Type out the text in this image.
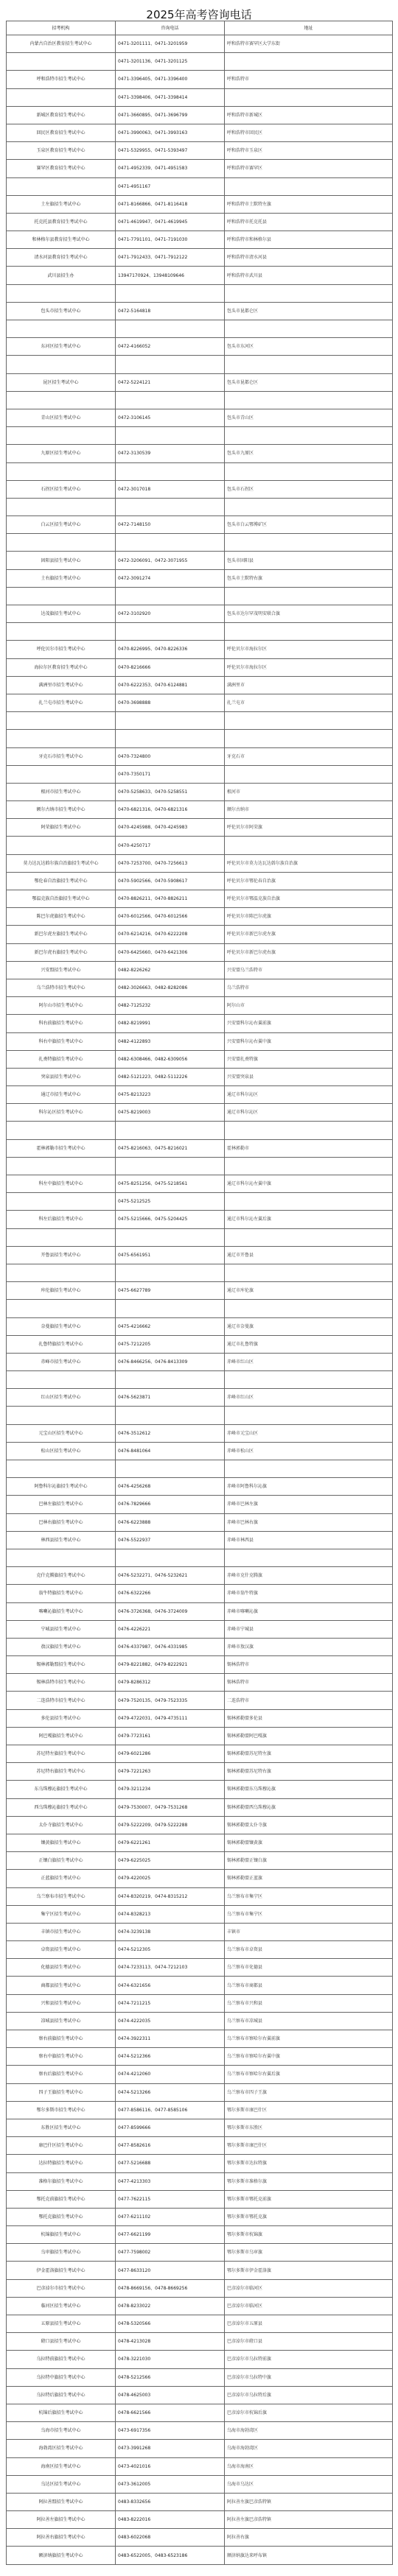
2025年高考咨询电话
招考机构	咨询电话	地址
内蒙古自治区教育招生考试中心	0471-3201111、0471-3201959	呼和浩特市赛罕区大学东街
	0471-3201136、0471-3201125	
呼和浩特市招生考试中心	0471-3396405、0471-3396400	呼和浩特市
	0471-3398406、0471-3398414	
新城区教育招生考试中心	0471-3660895、0471-3696799	呼和浩特市新城区
回民区教育招生考试中心	0471-3990063、0471-3993163	呼和浩特市回民区
玉泉区教育招生考试中心	0471-5329955、0471-5393497	呼和浩特市玉泉区
赛罕区教育招生考试中心	0471-4952339、0471-4951583	呼和浩特市赛罕区
	0471-4951167	
土左旗招生考试中心	0471-8166866、0471-8116418	呼和浩特市土默特左旗
托克托县教育招生考试中心	0471-4619947、0471-4619945	呼和浩特市托克托县
和林格尔县教育招生考试中心	0471-7791101、0471-7191030	呼和浩特市和林格尔县
清水河县教育招生考试中心	0471-7912433、0471-7912122	呼和浩特市清水河县
武川县招生办	13947170924、13948109646	呼和浩特市武川县

包头市招生考试中心	0472-5164818	包头市昆都仑区

东河区招生考试中心	0472-4166052	包头市东河区

昆区招生考试中心	0472-5224121	包头市昆都仑区

青山区招生考试中心	0472-3106145	包头市青山区

九原区招生考试中心	0472-3130539	包头市九原区

石拐区招生考试中心	0472-3017018	包头市石拐区

白云区招生考试中心	0472-7148150	包头市白云鄂博矿区

固阳县招生考试中心	0472-3206091、0472-3071955	包头市固阳县
土右旗招生考试中心	0472-3091274	包头市土默特右旗

达茂旗招生考试中心	0472-3102920	包头市达尔罕茂明安联合旗

呼伦贝尔市招生考试中心	0470-8226995、0470-8226336	呼伦贝尔市海拉尔区
海拉尔区教育招生考试中心	0470-8216666	呼伦贝尔市海拉尔区
满洲里市招生考试中心	0470-6222353、0470-6124881	满洲里市
扎兰屯市招生考试中心	0470-3698888	扎兰屯市

牙克石市招生考试中心	0470-7324800	牙克石市
	0470-7350171	
根河市招生考试中心	0470-5258633、0470-5258551	根河市
额尔古纳市招生考试中心	0470-6821316、0470-6821316	额尔古纳市
阿荣旗招生考试中心	0470-4245988、0470-4245983	呼伦贝尔市阿荣旗
	0470-4250717	
莫力达瓦达斡尔族自治旗招生考试中心	0470-7253700、0470-7256613	呼伦贝尔市莫力达瓦达斡尔族自治旗
鄂伦春自治旗招生考试中心	0470-5902566、0470-5908617	呼伦贝尔市鄂伦春自治旗
鄂温克族自治旗招生考试中心	0470-8826211、0470-8826211	呼伦贝尔市鄂温克族自治旗
陈巴尔虎旗招生考试中心	0470-6012566、0470-6012566	呼伦贝尔市陈巴尔虎旗
新巴尔虎左旗招生考试中心	0470-6214216、0470-6222208	呼伦贝尔市新巴尔虎左旗
新巴尔虎右旗招生考试中心	0470-6425660、0470-6421306	呼伦贝尔市新巴尔虎右旗
兴安盟招生考试中心	0482-8226262	兴安盟乌兰浩特市
乌兰浩特市招生考试中心	0482-3026663、0482-8282086	乌兰浩特市
阿尔山市招生考试中心	0482-7125232	阿尔山市
科右前旗招生考试中心	0482-8219991	兴安盟科尔沁右翼前旗
科右中旗招生考试中心	0482-4122893	兴安盟科尔沁右翼中旗
扎赉特旗招生考试中心	0482-6308466、0482-6309056	兴安盟扎赉特旗
突泉县招生考试中心	0482-5121223、0482-5112226	兴安盟突泉县
通辽市招生考试中心	0475-8213223	通辽市科尔沁区
科尔沁区招生考试中心	0475-8219003	通辽市科尔沁区

霍林郭勒市招生考试中心	0475-8216063、0475-8216021	霍林郭勒市

科左中旗招生考试中心	0475-8251256、0475-5218561	通辽市科尔沁左翼中旗
	0475-5212525	
科左后旗招生考试中心	0475-5215666、0475-5204425	通辽市科尔沁左翼后旗

开鲁县招生考试中心	0475-6561951	通辽市开鲁县

库伦旗招生考试中心	0475-6627789	通辽市库伦旗

奈曼旗招生考试中心	0475-4216662	通辽市奈曼旗
扎鲁特旗招生考试中心	0475-7212205	通辽市扎鲁特旗
赤峰市招生考试中心	0476-8466256、0476-8413309	赤峰市红山区

红山区招生考试中心	0476-5623871	赤峰市红山区

元宝山区招生考试中心	0476-3512612	赤峰市元宝山区
松山区招生考试中心	0476-8481064	赤峰市松山区

阿鲁科尔沁旗招生考试中心	0476-4256268	赤峰市阿鲁科尔沁旗
巴林左旗招生考试中心	0476-7829666	赤峰市巴林左旗
巴林右旗招生考试中心	0476-6223888	赤峰市巴林右旗
林西县招生考试中心	0476-5522937	赤峰市林西县

克什克腾旗招生考试中心	0476-5232271、0476-5232621	赤峰市克什克腾旗
翁牛特旗招生考试中心	0476-6322266	赤峰市翁牛特旗
喀喇沁旗招生考试中心	0476-3726368、0476-3724009	赤峰市喀喇沁旗
宁城县招生考试中心	0476-4226221	赤峰市宁城县
敖汉旗招生考试中心	0476-4337987、0476-4331985	赤峰市敖汉旗
锡林郭勒盟招生考试中心	0479-8221882、0479-8222921	锡林浩特市
锡林浩特市招生考试中心	0479-8286312	锡林浩特市
二连浩特市招生考试中心	0479-7520135、0479-7523335	二连浩特市
多伦县招生考试中心	0479-4722031、0479-4735111	锡林郭勒盟多伦县
阿巴嘎旗招生考试中心	0479-7723161	锡林郭勒盟阿巴嘎旗
苏尼特左旗招生考试中心	0479-6021286	锡林郭勒盟苏尼特左旗
苏尼特右旗招生考试中心	0479-7221263	锡林郭勒盟苏尼特右旗
东乌珠穆沁旗招生考试中心	0479-3211234	锡林郭勒盟东乌珠穆沁旗
西乌珠穆沁旗招生考试中心	0479-7530007、0479-7531268	锡林郭勒盟西乌珠穆沁旗
太仆寺旗招生考试中心	0479-5222209、0479-5222288	锡林郭勒盟太仆寺旗
镶黄旗招生考试中心	0479-6221261	锡林郭勒盟镶黄旗
正镶白旗招生考试中心	0479-6225025	锡林郭勒盟正镶白旗
正蓝旗招生考试中心	0479-4220025	锡林郭勒盟正蓝旗
乌兰察布市招生考试中心	0474-8320219、0474-8315212	乌兰察布市集宁区
集宁区招生考试中心	0474-8328213	乌兰察布市集宁区
丰镇市招生考试中心	0474-3239138	丰镇市
卓资县招生考试中心	0474-5212305	乌兰察布市卓资县
化德县招生考试中心	0474-7233113、0474-7212103	乌兰察布市化德县
商都县招生考试中心	0474-6321656	乌兰察布市商都县
兴和县招生考试中心	0474-7211215	乌兰察布市兴和县
凉城县招生考试中心	0474-4222035	乌兰察布市凉城县
察右前旗招生考试中心	0474-3922311	乌兰察布市察哈尔右翼前旗
察右中旗招生考试中心	0474-5212366	乌兰察布市察哈尔右翼中旗
察右后旗招生考试中心	0474-4212060	乌兰察布市察哈尔右翼后旗
四子王旗招生考试中心	0474-5213266	乌兰察布市四子王旗
鄂尔多斯市招生考试中心	0477-8586116、0477-8585106	鄂尔多斯市康巴什区
东胜区招生考试中心	0477-8599666	鄂尔多斯市东胜区
康巴什区招生考试中心	0477-8582616	鄂尔多斯市康巴什区
达拉特旗招生考试中心	0477-5216688	鄂尔多斯市达拉特旗
准格尔旗招生考试中心	0477-4213303	鄂尔多斯市准格尔旗
鄂托克前旗招生考试中心	0477-7622115	鄂尔多斯市鄂托克前旗
鄂托克旗招生考试中心	0477-6211102	鄂尔多斯市鄂托克旗
杭锦旗招生考试中心	0477-6621199	鄂尔多斯市杭锦旗
乌审旗招生考试中心	0477-7598002	鄂尔多斯市乌审旗
伊金霍洛旗招生考试中心	0477-8633120	鄂尔多斯市伊金霍洛旗
巴彦淖尔市招生考试中心	0478-8669156、0478-8669256	巴彦淖尔市临河区
临河区招生考试中心	0478-8233022	巴彦淖尔市临河区
五原县招生考试中心	0478-5320566	巴彦淖尔市五原县
磴口县招生考试中心	0478-4213028	巴彦淖尔市磴口县
乌拉特前旗招生考试中心	0478-3221030	巴彦淖尔市乌拉特前旗
乌拉特中旗招生考试中心	0478-5212566	巴彦淖尔市乌拉特中旗
乌拉特后旗招生考试中心	0478-4625003	巴彦淖尔市乌拉特后旗
杭锦后旗招生考试中心	0478-6621566	巴彦淖尔市杭锦后旗
乌海市招生考试中心	0473-6917356	乌海市海勃湾区
海勃湾区招生考试中心	0473-3991268	乌海市海勃湾区
海南区招生考试中心	0473-4021016	乌海市海南区
乌达区招生考试中心	0473-3612005	乌海市乌达区
阿拉善盟招生考试中心	0483-8332656	阿拉善左旗巴彦浩特镇
阿拉善左旗招生考试中心	0483-8222016	阿拉善左旗巴彦浩特镇
阿拉善右旗招生考试中心	0483-6022068	阿拉善右旗
额济纳旗招生考试中心	0483-6522005、0483-6523186	额济纳旗达来呼布镇
